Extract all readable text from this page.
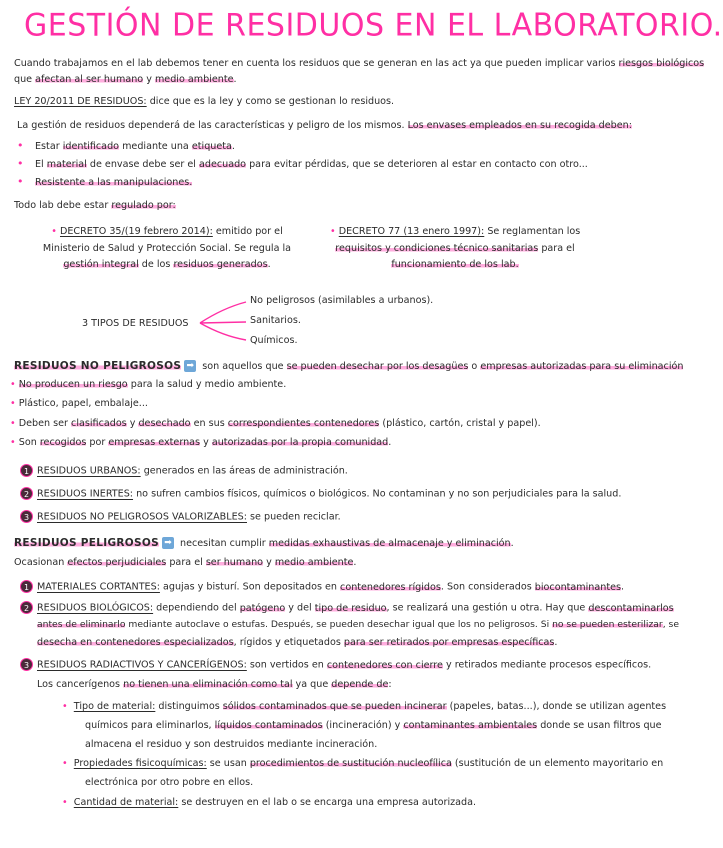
GESTIÓN DE RESIDUOS EN EL LABORATORIO.

Cuando trabajamos en el lab debemos tener en cuenta los residuos que se generan en las act ya que pueden implicar varios riesgos biológicos

que afectan al ser humano y medio ambiente.

LEY 20/2011 DE RESIDUOS: dice que es la ley y como se gestionan lo residuos.

La gestión de residuos dependerá de las características y peligro de los mismos. Los envases empleados en su recogida deben:

• Estar identificado mediante una etiqueta.

• El material de envase debe ser el adecuado para evitar pérdidas, que se deterioren al estar en contacto con otro...

• Resistente a las manipulaciones.

Todo lab debe estar regulado por:

• DECRETO 35/(19 febrero 2014): emitido por el

Ministerio de Salud y Protección Social. Se regula la

gestión integral de los residuos generados.

• DECRETO 77 (13 enero 1997): Se reglamentan los

requisitos y condiciones técnico sanitarias para el

funcionamiento de los lab.

3 TIPOS DE RESIDUOS
No peligrosos (asimilables a urbanos).
Sanitarios.
Químicos.

RESIDUOS NO PELIGROSOS ➡ son aquellos que se pueden desechar por los desagües o empresas autorizadas para su eliminación

• No producen un riesgo para la salud y medio ambiente.

• Plástico, papel, embalaje...

• Deben ser clasificados y desechado en sus correspondientes contenedores (plástico, cartón, cristal y papel).

• Son recogidos por empresas externas y autorizadas por la propia comunidad.

1 RESIDUOS URBANOS: generados en las áreas de administración.

2 RESIDUOS INERTES: no sufren cambios físicos, químicos o biológicos. No contaminan y no son perjudiciales para la salud.

3 RESIDUOS NO PELIGROSOS VALORIZABLES: se pueden reciclar.

RESIDUOS PELIGROSOS ➡ necesitan cumplir medidas exhaustivas de almacenaje y eliminación.

Ocasionan efectos perjudiciales para el ser humano y medio ambiente.

1 MATERIALES CORTANTES: agujas y bisturí. Son depositados en contenedores rígidos. Son considerados biocontaminantes.

2 RESIDUOS BIOLÓGICOS: dependiendo del patógeno y del tipo de residuo, se realizará una gestión u otra. Hay que descontaminarlos

antes de eliminarlo mediante autoclave o estufas. Después, se pueden desechar igual que los no peligrosos. Si no se pueden esterilizar, se

desecha en contenedores especializados, rígidos y etiquetados para ser retirados por empresas específicas.

3 RESIDUOS RADIACTIVOS Y CANCERÍGENOS: son vertidos en contenedores con cierre y retirados mediante procesos específicos.

Los cancerígenos no tienen una eliminación como tal ya que depende de:

• Tipo de material: distinguimos sólidos contaminados que se pueden incinerar (papeles, batas...), donde se utilizan agentes

químicos para eliminarlos, líquidos contaminados (incineración) y contaminantes ambientales donde se usan filtros que

almacena el residuo y son destruidos mediante incineración.

• Propiedades fisicoquímicas: se usan procedimientos de sustitución nucleofílica (sustitución de un elemento mayoritario en

electrónica por otro pobre en ellos.

• Cantidad de material: se destruyen en el lab o se encarga una empresa autorizada.
